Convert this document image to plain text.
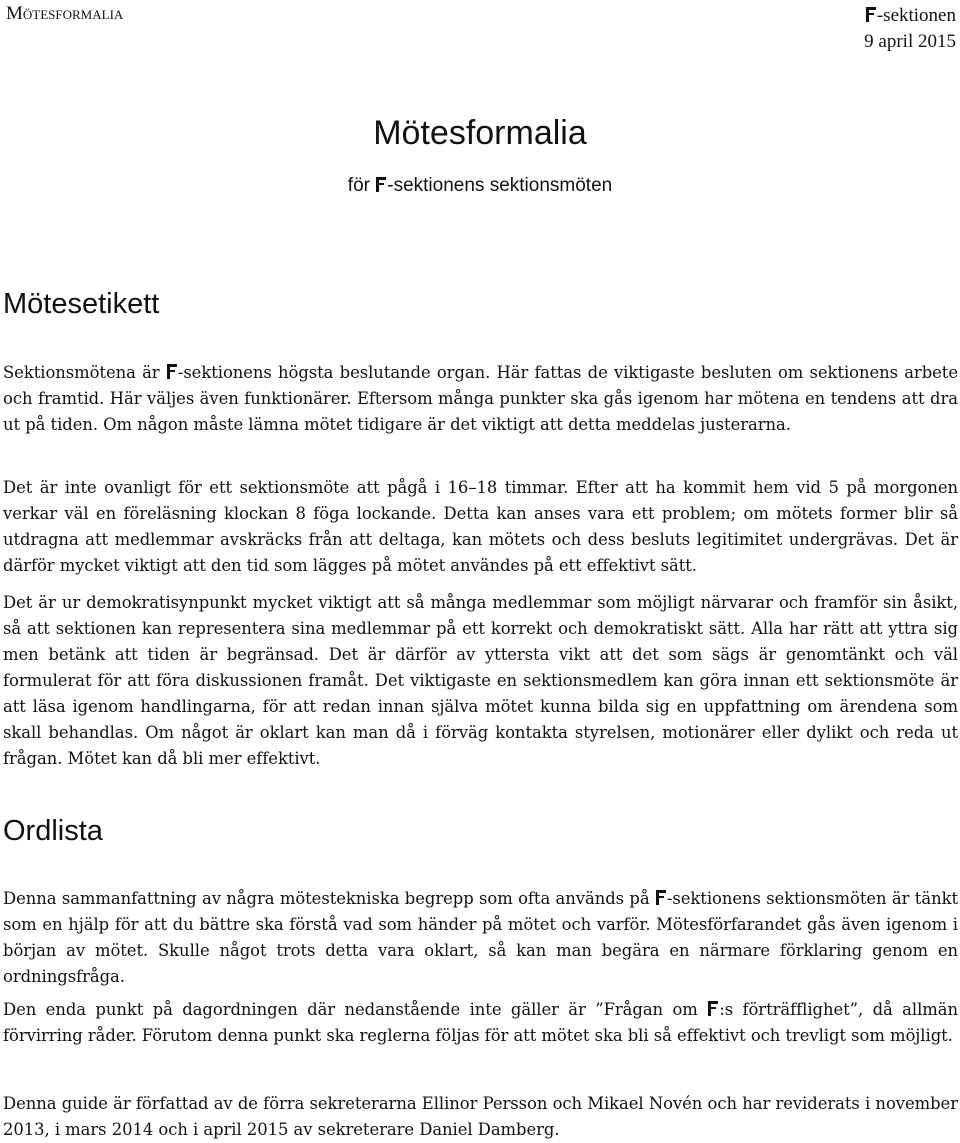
Mötesformalia	-sektionen
9 april 2015
Mötesformalia
för
-sektionens sektionsmöten
Mötesetikett

Sektionsmötena är
-sektionens högsta beslutande organ. Här fattas de viktigaste besluten om sektionens arbete och framtid. Här väljes även funktionärer. Eftersom många punkter ska gås igenom har mötena en tendens att dra ut på tiden. Om någon måste lämna mötet tidigare är det viktigt att detta meddelas justerarna.

Det är inte ovanligt för ett sektionsmöte att pågå i 16–18 timmar. Efter att ha kommit hem vid 5 på morgonen verkar väl en föreläsning klockan 8 föga lockande. Detta kan anses vara ett problem; om mötets former blir så utdragna att medlemmar avskräcks från att deltaga, kan mötets och dess besluts legitimitet undergrävas. Det är därför mycket viktigt att den tid som lägges på mötet användes på ett effektivt sätt.

Det är ur demokratisynpunkt mycket viktigt att så många medlemmar som möjligt närvarar och framför sin åsikt, så att sektionen kan representera sina medlemmar på ett korrekt och demokratiskt sätt. Alla har rätt att yttra sig men betänk att tiden är begränsad. Det är därför av yttersta vikt att det som sägs är genomtänkt och väl formulerat för att föra diskussionen framåt. Det viktigaste en sektionsmedlem kan göra innan ett sektionsmöte är att läsa igenom handlingarna, för att redan innan själva mötet kunna bilda sig en uppfattning om ärendena som skall behandlas. Om något är oklart kan man då i förväg kontakta styrelsen, motionärer eller dylikt och reda ut frågan. Mötet kan då bli mer effektivt.

Ordlista

Denna sammanfattning av några mötestekniska begrepp som ofta används på
-sektionens sektionsmöten är tänkt som en hjälp för att du bättre ska förstå vad som händer på mötet och varför. Mötesförfarandet gås även igenom i början av mötet. Skulle något trots detta vara oklart, så kan man begära en närmare förklaring genom en ordningsfråga.

Den enda punkt på dagordningen där nedanstående inte gäller är ”Frågan om
:s förträfflighet”, då allmän förvirring råder. Förutom denna punkt ska reglerna följas för att mötet ska bli så effektivt och trevligt som möjligt.

Denna guide är författad av de förra sekreterarna Ellinor Persson och Mikael Novén och har reviderats i november 2013, i mars 2014 och i april 2015 av sekreterare Daniel Damberg.
